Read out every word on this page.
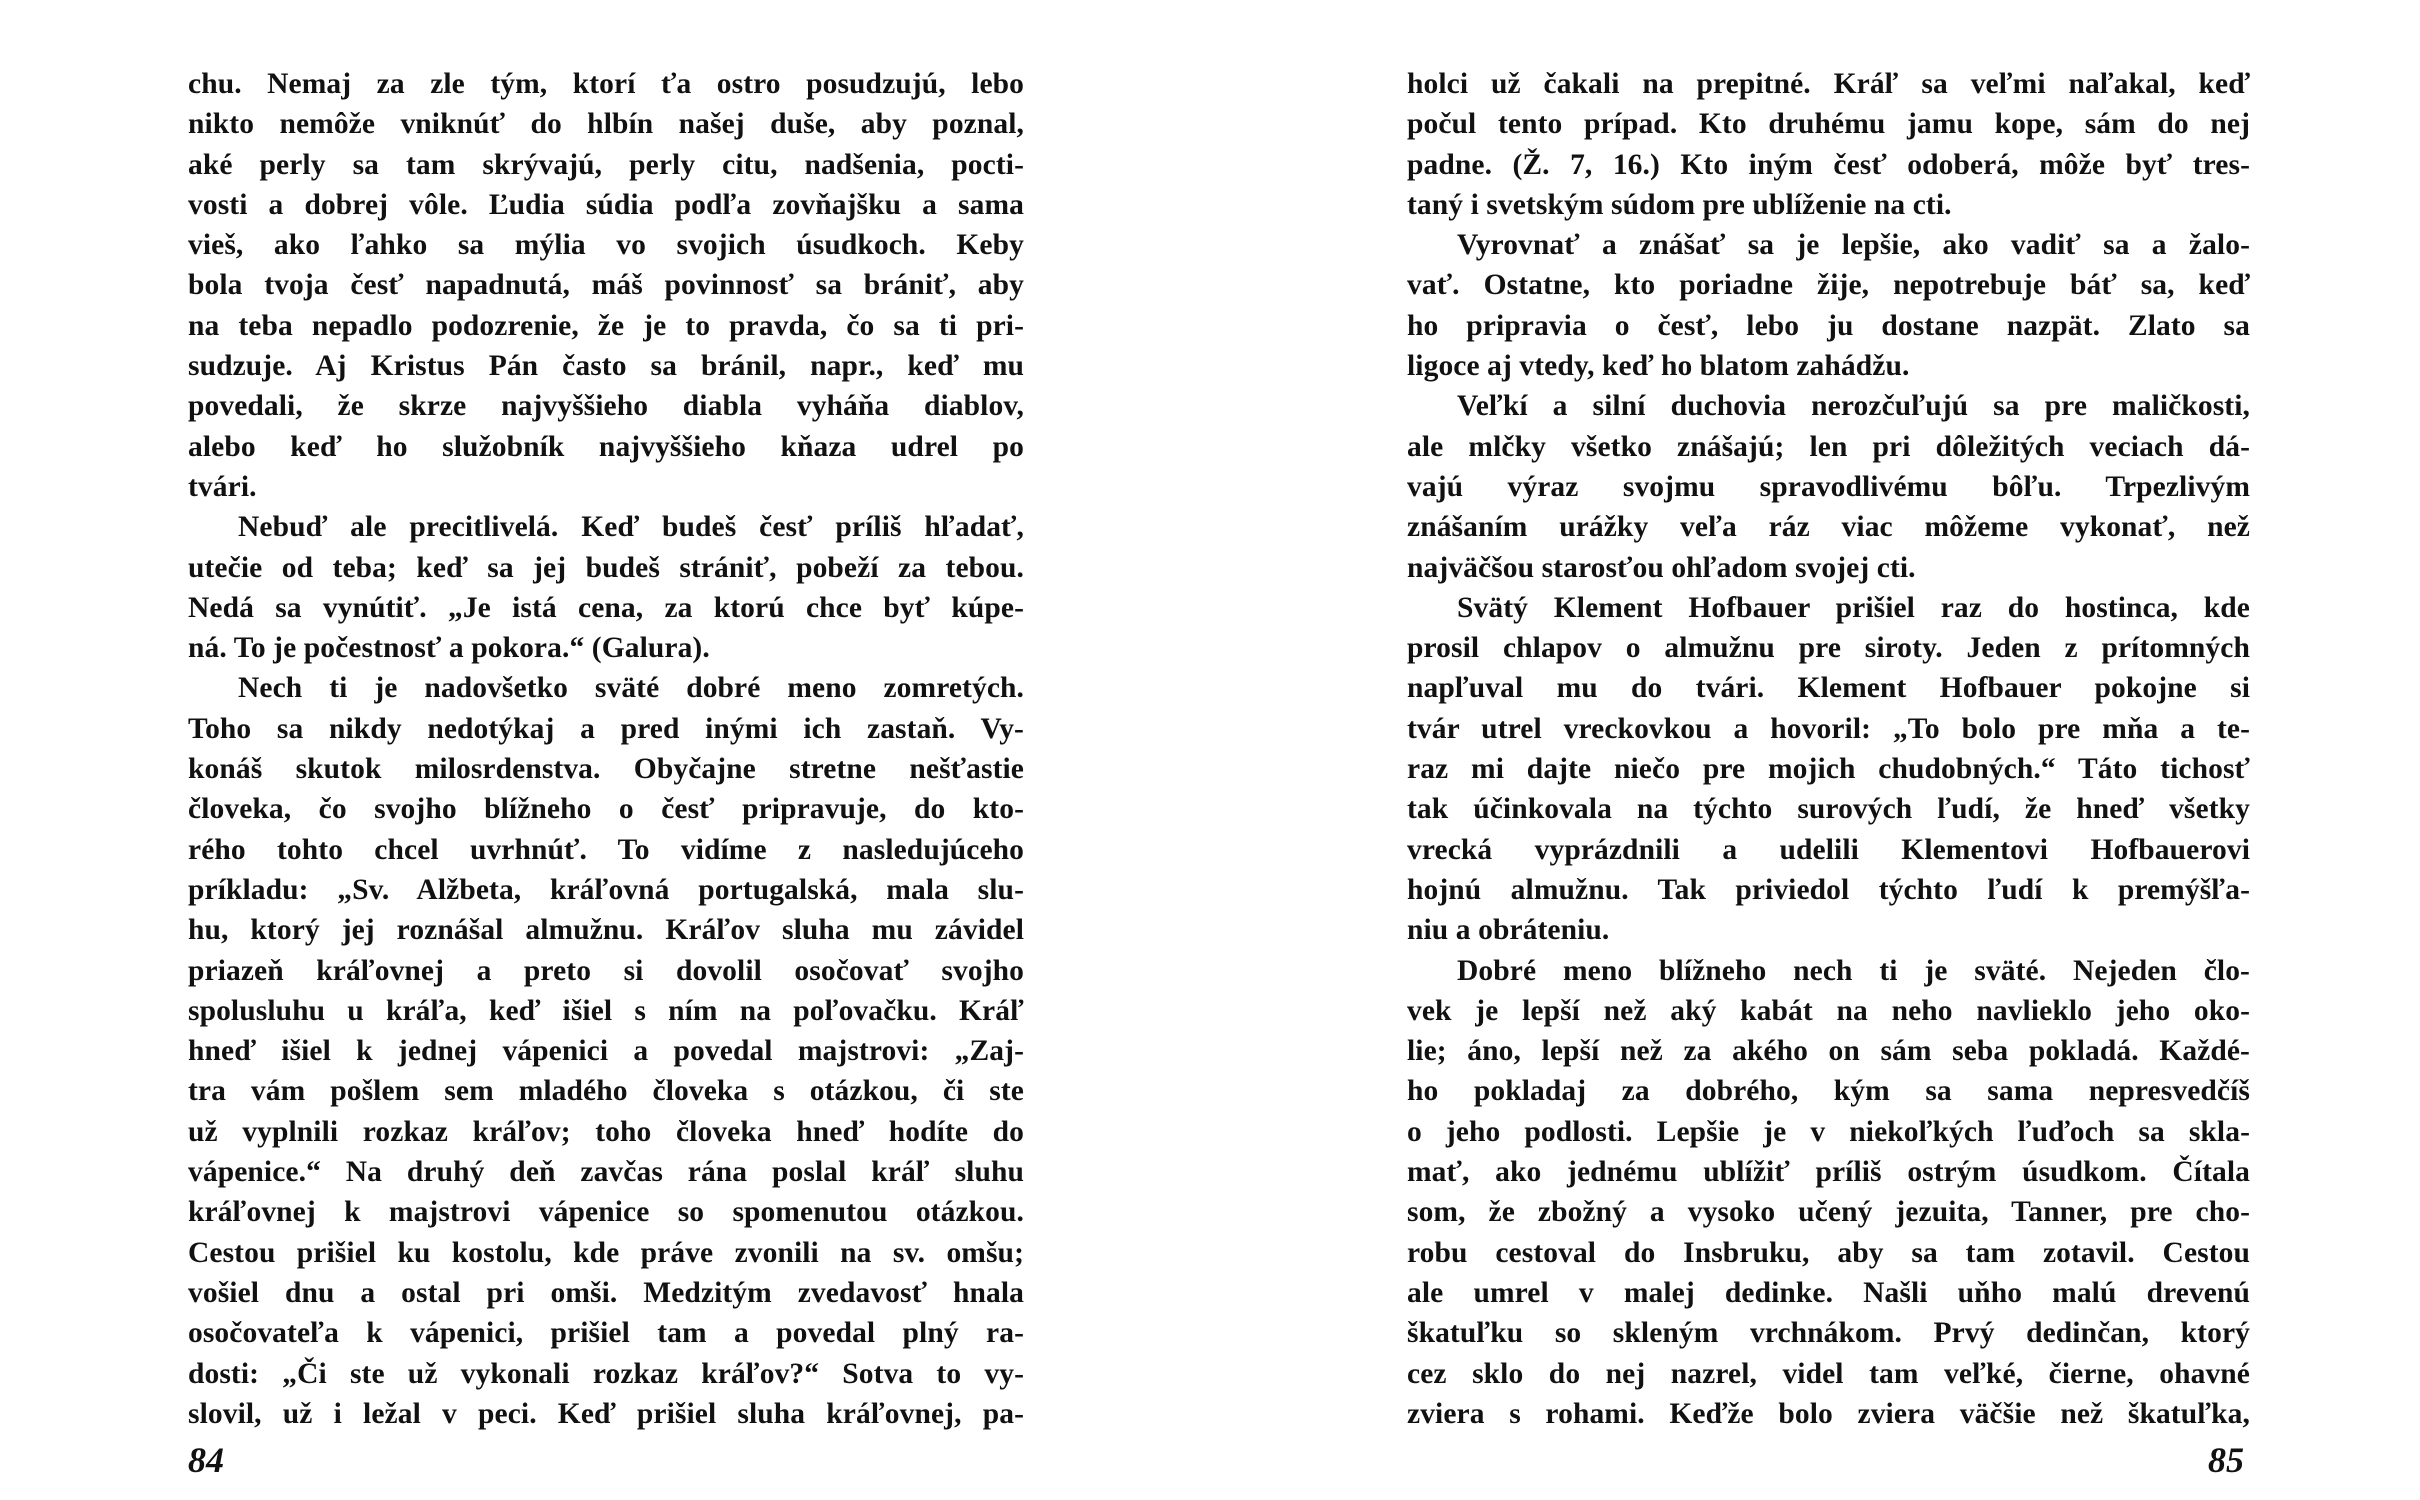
chu. Nemaj za zle tým, ktorí ťa ostro posudzujú, lebo
nikto nemôže vniknúť do hlbín našej duše, aby poznal,
aké perly sa tam skrývajú, perly citu, nadšenia, pocti-
vosti a dobrej vôle. Ľudia súdia podľa zovňajšku a sama
vieš, ako ľahko sa mýlia vo svojich úsudkoch. Keby
bola tvoja česť napadnutá, máš povinnosť sa brániť, aby
na teba nepadlo podozrenie, že je to pravda, čo sa ti pri-
sudzuje. Aj Kristus Pán často sa bránil, napr., keď mu
povedali, že skrze najvyššieho diabla vyháňa diablov,
alebo keď ho služobník najvyššieho kňaza udrel po
tvári.
Nebuď ale precitlivelá. Keď budeš česť príliš hľadať,
utečie od teba; keď sa jej budeš strániť, pobeží za tebou.
Nedá sa vynútiť. „Je istá cena, za ktorú chce byť kúpe-
ná. To je počestnosť a pokora.“ (Galura).
Nech ti je nadovšetko sväté dobré meno zomretých.
Toho sa nikdy nedotýkaj a pred inými ich zastaň. Vy-
konáš skutok milosrdenstva. Obyčajne stretne nešťastie
človeka, čo svojho blížneho o česť pripravuje, do kto-
rého tohto chcel uvrhnúť. To vidíme z nasledujúceho
príkladu: „Sv. Alžbeta, kráľovná portugalská, mala slu-
hu, ktorý jej roznášal almužnu. Kráľov sluha mu závidel
priazeň kráľovnej a preto si dovolil osočovať svojho
spolusluhu u kráľa, keď išiel s ním na poľovačku. Kráľ
hneď išiel k jednej vápenici a povedal majstrovi: „Zaj-
tra vám pošlem sem mladého človeka s otázkou, či ste
už vyplnili rozkaz kráľov; toho človeka hneď hodíte do
vápenice.“ Na druhý deň zavčas rána poslal kráľ sluhu
kráľovnej k majstrovi vápenice so spomenutou otázkou.
Cestou prišiel ku kostolu, kde práve zvonili na sv. omšu;
vošiel dnu a ostal pri omši. Medzitým zvedavosť hnala
osočovateľa k vápenici, prišiel tam a povedal plný ra-
dosti: „Či ste už vykonali rozkaz kráľov?“ Sotva to vy-
slovil, už i ležal v peci. Keď prišiel sluha kráľovnej, pa-
84
holci už čakali na prepitné. Kráľ sa veľmi naľakal, keď
počul tento prípad. Kto druhému jamu kope, sám do nej
padne. (Ž. 7, 16.) Kto iným česť odoberá, môže byť tres-
taný i svetským súdom pre ublíženie na cti.
Vyrovnať a znášať sa je lepšie, ako vadiť sa a žalo-
vať. Ostatne, kto poriadne žije, nepotrebuje báť sa, keď
ho pripravia o česť, lebo ju dostane nazpät. Zlato sa
ligoce aj vtedy, keď ho blatom zahádžu.
Veľkí a silní duchovia nerozčuľujú sa pre maličkosti,
ale mlčky všetko znášajú; len pri dôležitých veciach dá-
vajú výraz svojmu spravodlivému bôľu. Trpezlivým
znášaním urážky veľa ráz viac môžeme vykonať, než
najväčšou starosťou ohľadom svojej cti.
Svätý Klement Hofbauer prišiel raz do hostinca, kde
prosil chlapov o almužnu pre siroty. Jeden z prítomných
napľuval mu do tvári. Klement Hofbauer pokojne si
tvár utrel vreckovkou a hovoril: „To bolo pre mňa a te-
raz mi dajte niečo pre mojich chudobných.“ Táto tichosť
tak účinkovala na týchto surových ľudí, že hneď všetky
vrecká vyprázdnili a udelili Klementovi Hofbauerovi
hojnú almužnu. Tak priviedol týchto ľudí k premýšľa-
niu a obráteniu.
Dobré meno blížneho nech ti je sväté. Nejeden člo-
vek je lepší než aký kabát na neho navlieklo jeho oko-
lie; áno, lepší než za akého on sám seba pokladá. Každé-
ho pokladaj za dobrého, kým sa sama nepresvedčíš
o jeho podlosti. Lepšie je v niekoľkých ľuďoch sa skla-
mať, ako jednému ublížiť príliš ostrým úsudkom. Čítala
som, že zbožný a vysoko učený jezuita, Tanner, pre cho-
robu cestoval do Insbruku, aby sa tam zotavil. Cestou
ale umrel v malej dedinke. Našli uňho malú drevenú
škatuľku so skleným vrchnákom. Prvý dedinčan, ktorý
cez sklo do nej nazrel, videl tam veľké, čierne, ohavné
zviera s rohami. Keďže bolo zviera väčšie než škatuľka,
85
